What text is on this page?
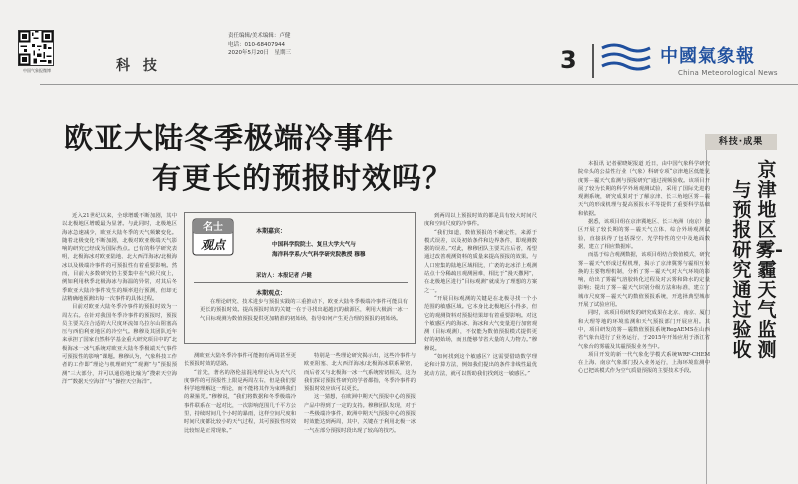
中国气象报微博	科 技
责任编辑/美术编辑：卢健
电话：010-68407944
2020年5月20日　星期三	3	中國氣象報
China Meteorological News
欧亚大陆冬季极端冷事件
有更长的预报时效吗？
科技·成果

近入21世纪以来，全球增暖不断加剧，其中以北极地区增暖最为显著。与此同时，北极地区海冰急速减少，欧亚大陆冬季的天气频繁变化。随着北极变化不断加剧，北极对欧亚极端天气影响的研究已经成为国际热点。已有的科学研究表明，北极海冰对欧亚陆地、北大西洋海冰/北极海冰以及极端冷事件的可预报性有着重要影响。然而，目前大多数研究仍主要集中在气候尺度上，例如利用秋季北极海冰与海温的异常，对其后冬季欧亚大陆冷事件发生的频率进行预测，但却无法精确地预测出每一次事件的具体过程。

目前对欧亚大陆冬季冷事件的预报时效为一周左右。在针对我国冬季冷事件的预报时，预报员主要关注合适的大尺度环流如乌拉尔山阻塞高压与西伯利亚地区的冷空气。穆穆及其团队近年来承担了国家自然科学基金重大研究项目中的“北极海冰一冰气系统对欧亚大陆冬季极端天气事件可预报性的影响”课题。穆穆认为，气象科技工作者的工作即“理论与机理研究”“观测”与“预报预测”三大部分，并可以通俗地比喻为“搜索天空海洋”“数据天空海洋”与“操控天空海洋”。

测欧亚大陆冬季冷事件可能拥有两周甚至更长预报时效的思路。

“首先，著名的洛伦兹混沌理论认为天气尺度事件的可预报性上限是两周左右，但是我们要科学地理解这一理论，而不能将其作为束缚我们的紧箍咒。”穆穆说，“我们将数据和冬季极端冷事件联系在一起对比，一次影响范围几千平方公里，持续时间几个小时的暴雨，这样空间尺度和时间尺度都比较小的天气过程，其可预报性时效比较短是正常现象。”

特别是一些理论研究揭示出，这些冷事件与欧亚阻塞、北大西洋海冰/北极海冰联系紧密，而后者又与北极海一冰一气系统密切相关，这为我们探讨预报性研究的学者都指，冬季冷事件的预报时效应该可以更长。

这一猜想，在欧洲中期天气预报中心的预报产品中得到了一定的支持。穆穆团队发现，对于一些极端冷事件，欧洲中期天气预报中心的预报时效能达到两周，其中，关键在于利用北极一冰一气在部分预报时段出现了较高的技巧。

到两周以上预报时效的都是具有较大时间尺度和空间尺度的冷事件。

“我们知道，数值预报的不确定性，来源于模式误差，以及初始条件和边界条件，即观测数据的误差。”对此，穆穆团队主要关注后者，希望通过改善观测资料的质量来提高预报的效果。与人口密集的陆地区域相比，广袤的北冰洋上观测站点十分稀疏且观测困难，相比于“漫天撒网”，在北极地区进行“目标观测”就成为了理想的方案之一。

“开展目标观测的关键是在北极寻找一个小范围的敏感区域。它本身比北极地区小得多，但它的观测资料对预报结果却有着重要影响。对这个敏感区内的海冰、海冰和大气变量进行加密观测（目标观测），不仅能为数值预报模式提供更好的初始场，而且能够节省大量的人力物力。”穆穆说。

“如何找到这个敏感区？这需要借助数学理论和计算方法，例如我们提出的条件非线性最优扰动方法，就可以帮助我们找到这一敏感区。”

名士
观点
本期嘉宾：
中国科学院院士、复旦大学大气与
海洋科学系/大气科学研究院教授 穆穆
采访人：本报记者 卢健
本期观点：
在理论研究、技术进步与预报实践的三重推动下，欧亚大陆冬季极端冷事件可能具有更长的预报时效。提高预报时效的关键一在于寻找出超越沉的截源区，利用大极涡一冰一气目标观测为数值预报提供更加精准的初始场，指导如何产生更合理的预报的初始场。
京津地区雾-霾天气监测
与预报研究通过验收

本报讯 记者翟晓妮报道 近日，由中国气象科学研究院牵头的公益性行业（气象）科研专项“京津地区低能见度雾－霾天气监测与预报研究”通过视频验收。该项目开展了较为长期的科学外场观测试验，采用了国际先进的观测系统，研究成果对于了解京津、长三角地区雾－霾天气的形成机理与提高预报水平等提供了重要科学基础和依据。

据悉，该项目组在京津冀地区、长三角洲（南京）地区开展了较长期的雾－霾天气立体、综合外场观测试验，直接获得了包括探空、光学特性的空中及地面数据，建立了相应数据库。

而基于综合观测数据，该项目组结合数值模式，研究雾－霾天气形成过程机理，揭示了京津冀雾与霾相互转换的主要物理机制，分析了雾－霾天气对大气环境的影响，给出了雾霾气溶胶转化过程及对云雾和降水的定量影响；提出了雾－霾天气识别分级方法和标准，建立了城市尺度雾－霾天气的数值预报系统，开选择典型城市开展了试验应用。

同时，该项目组研发的研究成果在北京、南京、厦门和大理等地的环境监测和天气预报部门开展应用。其中，项目研发的雾－霾数值预报系统RegAEMS在山西省气象台进行了业务运行，于2015年开始应用于浙江省气象台的雾霾及其霾预报业务当中。

项目开发的新一代气象化学模式系统WRF-CHEM在上海、南京气象部门投入业务运行，上海环境监测中心已把该模式作为空气质量预报的主要技术手段。
